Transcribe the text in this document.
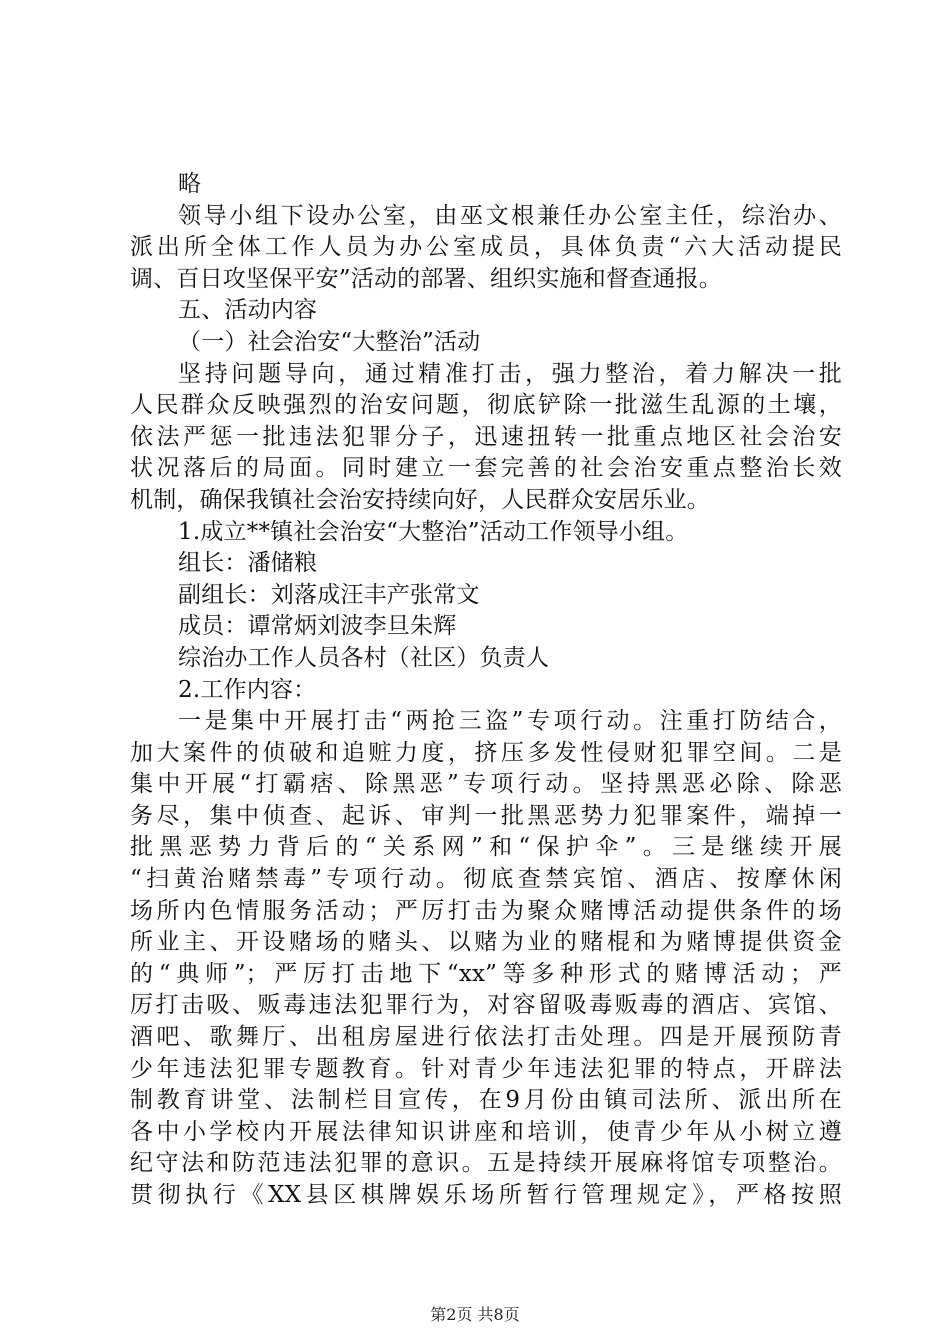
略
领导小组下设办公室，由巫文根兼任办公室主任，综治办、
派出所全体工作人员为办公室成员，具体负责“六大活动提民
调、百日攻坚保平安”活动的部署、组织实施和督查通报。
五、活动内容
（一）社会治安“大整治”活动
坚持问题导向，通过精准打击，强力整治，着力解决一批
人民群众反映强烈的治安问题，彻底铲除一批滋生乱源的土壤，
依法严惩一批违法犯罪分子，迅速扭转一批重点地区社会治安
状况落后的局面。同时建立一套完善的社会治安重点整治长效
机制，确保我镇社会治安持续向好，人民群众安居乐业。
1.成立**镇社会治安“大整治”活动工作领导小组。
组长：潘储粮
副组长：刘落成汪丰产张常文
成员：谭常炳刘波李旦朱辉
综治办工作人员各村（社区）负责人
2.工作内容：
一是集中开展打击“两抢三盗”专项行动。注重打防结合，
加大案件的侦破和追赃力度，挤压多发性侵财犯罪空间。二是
集中开展“打霸痞、除黑恶”专项行动。坚持黑恶必除、除恶
务尽，集中侦查、起诉、审判一批黑恶势力犯罪案件，端掉一
批黑恶势力背后的“关系网”和“保护伞”。三是继续开展
“扫黄治赌禁毒”专项行动。彻底查禁宾馆、酒店、按摩休闲
场所内色情服务活动；严厉打击为聚众赌博活动提供条件的场
所业主、开设赌场的赌头、以赌为业的赌棍和为赌博提供资金
的“典师”；严厉打击地下“xx”等多种形式的赌博活动；严
厉打击吸、贩毒违法犯罪行为，对容留吸毒贩毒的酒店、宾馆、
酒吧、歌舞厅、出租房屋进行依法打击处理。四是开展预防青
少年违法犯罪专题教育。针对青少年违法犯罪的特点，开辟法
制教育讲堂、法制栏目宣传，在9月份由镇司法所、派出所在
各中小学校内开展法律知识讲座和培训，使青少年从小树立遵
纪守法和防范违法犯罪的意识。五是持续开展麻将馆专项整治。
贯彻执行《XX县区棋牌娱乐场所暂行管理规定》，严格按照
第2页 共8页
